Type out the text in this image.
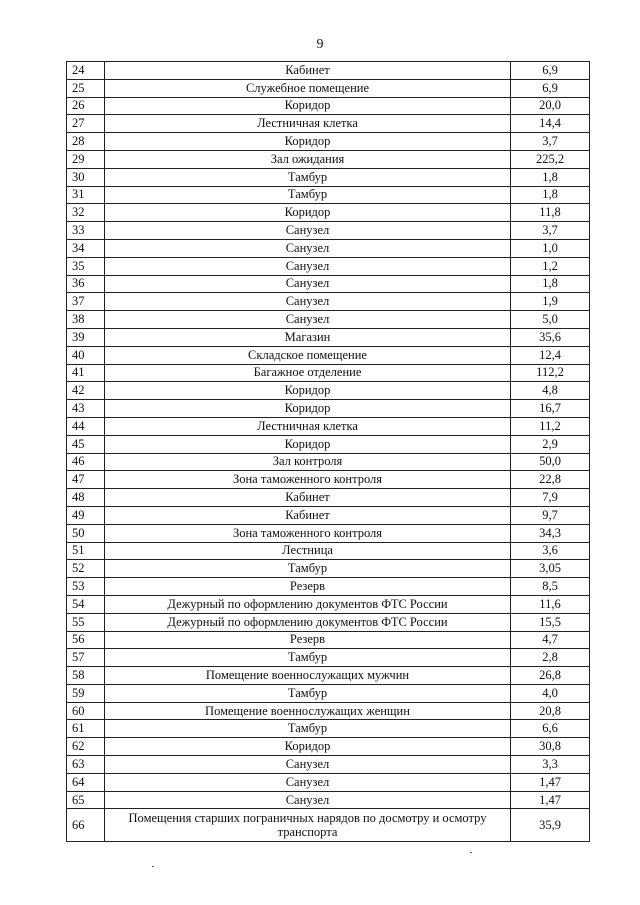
9
24	Кабинет	6,9
25	Служебное помещение	6,9
26	Коридор	20,0
27	Лестничная клетка	14,4
28	Коридор	3,7
29	Зал ожидания	225,2
30	Тамбур	1,8
31	Тамбур	1,8
32	Коридор	11,8
33	Санузел	3,7
34	Санузел	1,0
35	Санузел	1,2
36	Санузел	1,8
37	Санузел	1,9
38	Санузел	5,0
39	Магазин	35,6
40	Складское помещение	12,4
41	Багажное отделение	112,2
42	Коридор	4,8
43	Коридор	16,7
44	Лестничная клетка	11,2
45	Коридор	2,9
46	Зал контроля	50,0
47	Зона таможенного контроля	22,8
48	Кабинет	7,9
49	Кабинет	9,7
50	Зона таможенного контроля	34,3
51	Лестница	3,6
52	Тамбур	3,05
53	Резерв	8,5
54	Дежурный по оформлению документов ФТС России	11,6
55	Дежурный по оформлению документов ФТС России	15,5
56	Резерв	4,7
57	Тамбур	2,8
58	Помещение военнослужащих мужчин	26,8
59	Тамбур	4,0
60	Помещение военнослужащих женщин	20,8
61	Тамбур	6,6
62	Коридор	30,8
63	Санузел	3,3
64	Санузел	1,47
65	Санузел	1,47
66	Помещения старших пограничных нарядов по досмотру и осмотру транспорта	35,9
